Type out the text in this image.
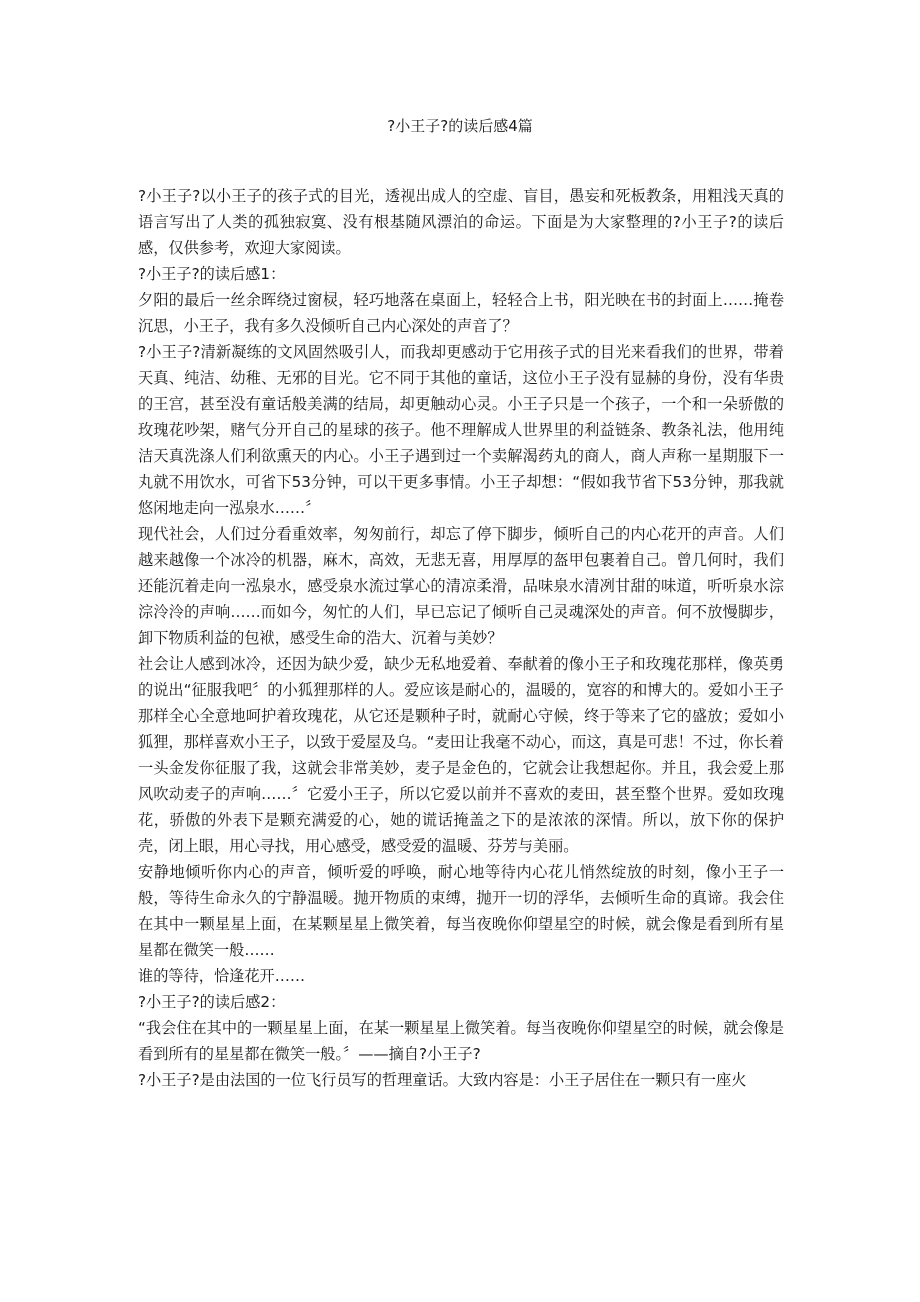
?小王子?的读后感4篇

?小王子?以小王子的孩子式的目光，透视出成人的空虚、盲目，愚妄和死板教条，用粗浅天真的语言写出了人类的孤独寂寞、没有根基随风漂泊的命运。下面是为大家整理的?小王子?的读后感，仅供参考，欢迎大家阅读。

?小王子?的读后感1：

夕阳的最后一丝余晖绕过窗棂，轻巧地落在桌面上，轻轻合上书，阳光映在书的封面上……掩卷沉思，小王子，我有多久没倾听自己内心深处的声音了？

?小王子?清新凝练的文风固然吸引人，而我却更感动于它用孩子式的目光来看我们的世界，带着天真、纯洁、幼稚、无邪的目光。它不同于其他的童话，这位小王子没有显赫的身份，没有华贵的王宫，甚至没有童话般美满的结局，却更触动心灵。小王子只是一个孩子，一个和一朵骄傲的玫瑰花吵架，赌气分开自己的星球的孩子。他不理解成人世界里的利益链条、教条礼法，他用纯洁天真洗涤人们利欲熏天的内心。小王子遇到过一个卖解渴药丸的商人，商人声称一星期服下一丸就不用饮水，可省下53分钟，可以干更多事情。小王子却想：“假如我节省下53分钟，那我就悠闲地走向一泓泉水……〞

现代社会，人们过分看重效率，匆匆前行，却忘了停下脚步，倾听自己的内心花开的声音。人们越来越像一个冰冷的机器，麻木，高效，无悲无喜，用厚厚的盔甲包裹着自己。曾几何时，我们还能沉着走向一泓泉水，感受泉水流过掌心的清凉柔滑，品味泉水清冽甘甜的味道，听听泉水淙淙泠泠的声响……而如今，匆忙的人们，早已忘记了倾听自己灵魂深处的声音。何不放慢脚步，卸下物质利益的包袱，感受生命的浩大、沉着与美妙？

社会让人感到冰冷，还因为缺少爱，缺少无私地爱着、奉献着的像小王子和玫瑰花那样，像英勇的说出“征服我吧〞的小狐狸那样的人。爱应该是耐心的，温暖的，宽容的和博大的。爱如小王子那样全心全意地呵护着玫瑰花，从它还是颗种子时，就耐心守候，终于等来了它的盛放；爱如小狐狸，那样喜欢小王子，以致于爱屋及乌。“麦田让我毫不动心，而这，真是可悲！不过，你长着一头金发你征服了我，这就会非常美妙，麦子是金色的，它就会让我想起你。并且，我会爱上那风吹动麦子的声响……〞它爱小王子，所以它爱以前并不喜欢的麦田，甚至整个世界。爱如玫瑰花，骄傲的外表下是颗充满爱的心，她的谎话掩盖之下的是浓浓的深情。所以，放下你的保护壳，闭上眼，用心寻找，用心感受，感受爱的温暖、芬芳与美丽。

安静地倾听你内心的声音，倾听爱的呼唤，耐心地等待内心花儿悄然绽放的时刻，像小王子一般，等待生命永久的宁静温暖。抛开物质的束缚，抛开一切的浮华，去倾听生命的真谛。我会住在其中一颗星星上面，在某颗星星上微笑着，每当夜晚你仰望星空的时候，就会像是看到所有星星都在微笑一般……

谁的等待，恰逢花开……

?小王子?的读后感2：

“我会住在其中的一颗星星上面，在某一颗星星上微笑着。每当夜晚你仰望星空的时候，就会像是看到所有的星星都在微笑一般。〞——摘自?小王子?

?小王子?是由法国的一位飞行员写的哲理童话。大致内容是：小王子居住在一颗只有一座火
